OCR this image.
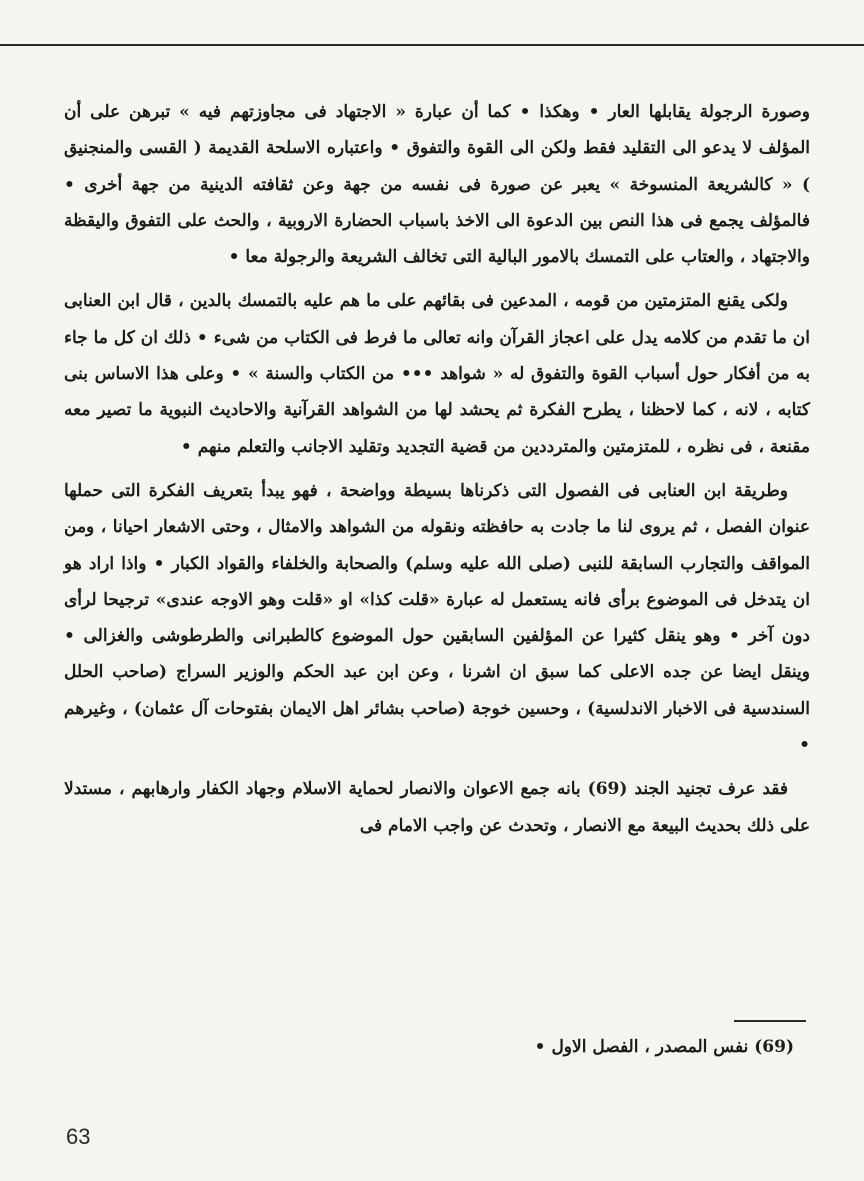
وصورة الرجولة يقابلها العار • وهكذا • كما أن عبارة « الاجتهاد فى مجاوزتهم فيه » تبرهن على أن المؤلف لا يدعو الى التقليد فقط ولكن الى القوة والتفوق • واعتباره الاسلحة القديمة ( القسى والمنجنيق ) « كالشريعة المنسوخة » يعبر عن صورة فى نفسه من جهة وعن ثقافته الدينية من جهة أخرى • فالمؤلف يجمع فى هذا النص بين الدعوة الى الاخذ باسباب الحضارة الاروبية ، والحث على التفوق واليقظة والاجتهاد ، والعتاب على التمسك بالامور البالية التى تخالف الشريعة والرجولة معا •

ولكى يقنع المتزمتين من قومه ، المدعين فى بقائهم على ما هم عليه بالتمسك بالدين ، قال ابن العنابى ان ما تقدم من كلامه يدل على اعجاز القرآن وانه تعالى ما فرط فى الكتاب من شىء • ذلك ان كل ما جاء به من أفكار حول أسباب القوة والتفوق له « شواهد ••• من الكتاب والسنة » • وعلى هذا الاساس بنى كتابه ، لانه ، كما لاحظنا ، يطرح الفكرة ثم يحشد لها من الشواهد القرآنية والاحاديث النبوية ما تصير معه مقنعة ، فى نظره ، للمتزمتين والمترددين من قضية التجديد وتقليد الاجانب والتعلم منهم •

وطريقة ابن العنابى فى الفصول التى ذكرناها بسيطة وواضحة ، فهو يبدأ بتعريف الفكرة التى حملها عنوان الفصل ، ثم يروى لنا ما جادت به حافظته ونقوله من الشواهد والامثال ، وحتى الاشعار احيانا ، ومن المواقف والتجارب السابقة للنبى (صلى الله عليه وسلم) والصحابة والخلفاء والقواد الكبار • واذا اراد هو ان يتدخل فى الموضوع برأى فانه يستعمل له عبارة «قلت كذا» او «قلت وهو الاوجه عندى» ترجيحا لرأى دون آخر • وهو ينقل كثيرا عن المؤلفين السابقين حول الموضوع كالطبرانى والطرطوشى والغزالى • وينقل ايضا عن جده الاعلى كما سبق ان اشرنا ، وعن ابن عبد الحكم والوزير السراج (صاحب الحلل السندسية فى الاخبار الاندلسية) ، وحسين خوجة (صاحب بشائر اهل الايمان بفتوحات آل عثمان) ، وغيرهم •

فقد عرف تجنيد الجند (69) بانه جمع الاعوان والانصار لحماية الاسلام وجهاد الكفار وارهابهم ، مستدلا على ذلك بحديث البيعة مع الانصار ، وتحدث عن واجب الامام فى

(69) نفس المصدر ، الفصل الاول •
63
